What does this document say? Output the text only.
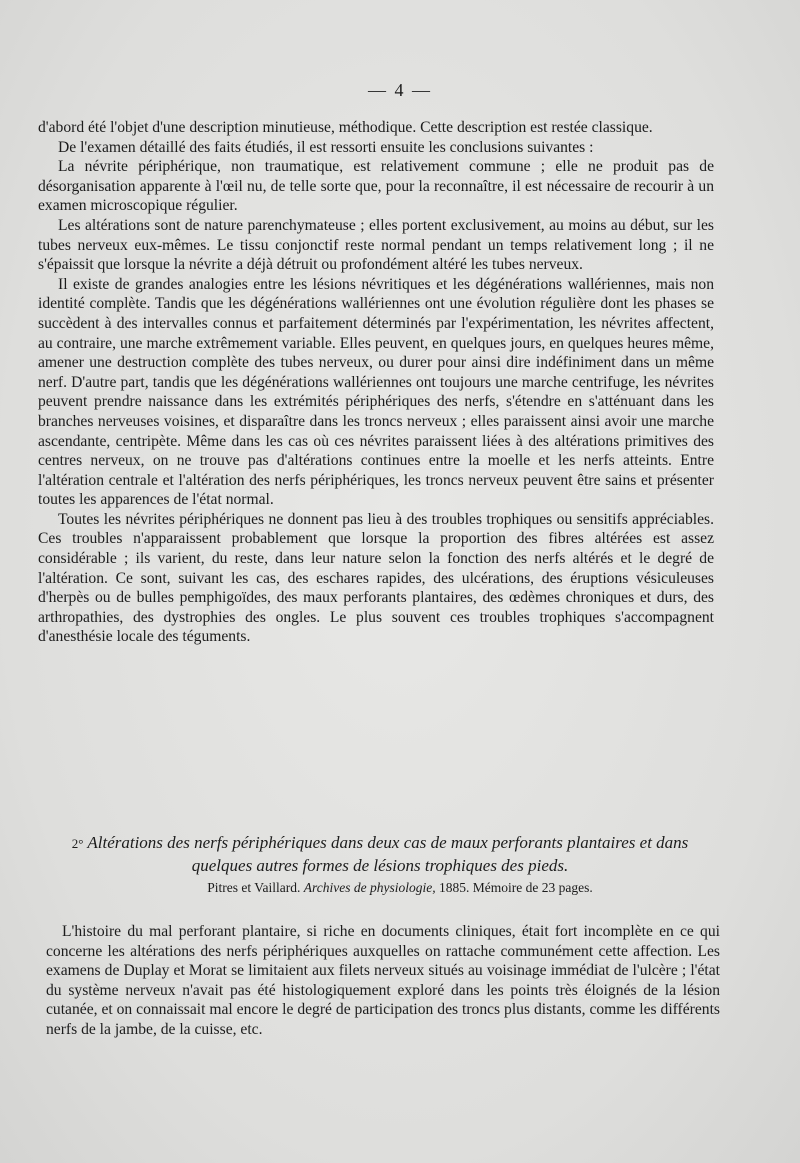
— 4 —

d'abord été l'objet d'une description minutieuse, méthodique. Cette description est restée classique.

De l'examen détaillé des faits étudiés, il est ressorti ensuite les conclusions suivantes :

La névrite périphérique, non traumatique, est relativement commune ; elle ne produit pas de désorganisation apparente à l'œil nu, de telle sorte que, pour la reconnaître, il est nécessaire de recourir à un examen microscopique régulier.

Les altérations sont de nature parenchymateuse ; elles portent exclusivement, au moins au début, sur les tubes nerveux eux-mêmes. Le tissu conjonctif reste normal pendant un temps relativement long ; il ne s'épaissit que lorsque la névrite a déjà détruit ou profondément altéré les tubes nerveux.

Il existe de grandes analogies entre les lésions névritiques et les dégénérations wallériennes, mais non identité complète. Tandis que les dégénérations wallériennes ont une évolution régulière dont les phases se succèdent à des intervalles connus et parfaitement déterminés par l'expérimentation, les névrites affectent, au contraire, une marche extrêmement variable. Elles peuvent, en quelques jours, en quelques heures même, amener une destruction complète des tubes nerveux, ou durer pour ainsi dire indéfiniment dans un même nerf. D'autre part, tandis que les dégénérations wallériennes ont toujours une marche centrifuge, les névrites peuvent prendre naissance dans les extrémités périphériques des nerfs, s'étendre en s'atténuant dans les branches nerveuses voisines, et disparaître dans les troncs nerveux ; elles paraissent ainsi avoir une marche ascendante, centripète. Même dans les cas où ces névrites paraissent liées à des altérations primitives des centres nerveux, on ne trouve pas d'altérations continues entre la moelle et les nerfs atteints. Entre l'altération centrale et l'altération des nerfs périphériques, les troncs nerveux peuvent être sains et présenter toutes les apparences de l'état normal.

Toutes les névrites périphériques ne donnent pas lieu à des troubles trophiques ou sensitifs appréciables. Ces troubles n'apparaissent probablement que lorsque la proportion des fibres altérées est assez considérable ; ils varient, du reste, dans leur nature selon la fonction des nerfs altérés et le degré de l'altération. Ce sont, suivant les cas, des eschares rapides, des ulcérations, des éruptions vésiculeuses d'herpès ou de bulles pemphigoïdes, des maux perforants plantaires, des œdèmes chroniques et durs, des arthropathies, des dystrophies des ongles. Le plus souvent ces troubles trophiques s'accompagnent d'anesthésie locale des téguments.

2° Altérations des nerfs périphériques dans deux cas de maux perforants plantaires et dans quelques autres formes de lésions trophiques des pieds.
Pitres et Vaillard. Archives de physiologie, 1885. Mémoire de 23 pages.

L'histoire du mal perforant plantaire, si riche en documents cliniques, était fort incomplète en ce qui concerne les altérations des nerfs périphériques auxquelles on rattache communément cette affection. Les examens de Duplay et Morat se limitaient aux filets nerveux situés au voisinage immédiat de l'ulcère ; l'état du système nerveux n'avait pas été histologiquement exploré dans les points très éloignés de la lésion cutanée, et on connaissait mal encore le degré de participation des troncs plus distants, comme les différents nerfs de la jambe, de la cuisse, etc.
